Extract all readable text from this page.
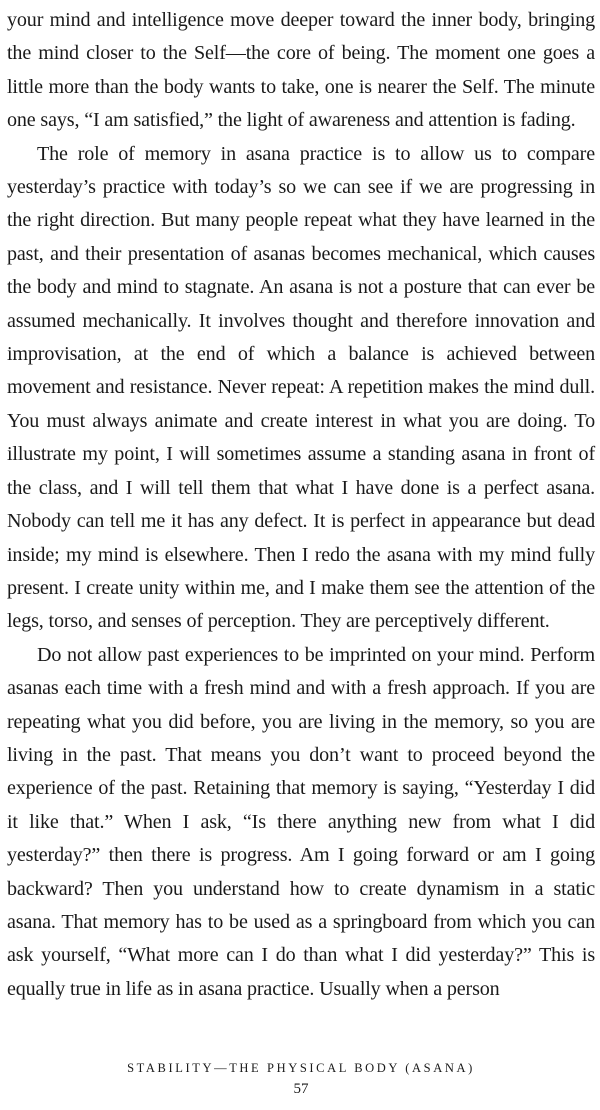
your mind and intelligence move deeper toward the inner body, bringing the mind closer to the Self—the core of being. The moment one goes a little more than the body wants to take, one is nearer the Self. The minute one says, “I am satisfied,” the light of awareness and attention is fading.

The role of memory in asana practice is to allow us to compare yesterday’s practice with today’s so we can see if we are progressing in the right direction. But many people repeat what they have learned in the past, and their presentation of asanas becomes mechanical, which causes the body and mind to stagnate. An asana is not a posture that can ever be assumed mechanically. It involves thought and therefore innovation and improvisation, at the end of which a balance is achieved between movement and resistance. Never repeat: A repetition makes the mind dull. You must always animate and create interest in what you are doing. To illustrate my point, I will sometimes assume a standing asana in front of the class, and I will tell them that what I have done is a perfect asana. Nobody can tell me it has any defect. It is perfect in appearance but dead inside; my mind is elsewhere. Then I redo the asana with my mind fully present. I create unity within me, and I make them see the attention of the legs, torso, and senses of perception. They are perceptively different.

Do not allow past experiences to be imprinted on your mind. Perform asanas each time with a fresh mind and with a fresh approach. If you are repeating what you did before, you are living in the memory, so you are living in the past. That means you don’t want to proceed beyond the experience of the past. Retaining that memory is saying, “Yesterday I did it like that.” When I ask, “Is there anything new from what I did yesterday?” then there is progress. Am I going forward or am I going backward? Then you understand how to create dynamism in a static asana. That memory has to be used as a springboard from which you can ask yourself, “What more can I do than what I did yesterday?” This is equally true in life as in asana practice. Usually when a person

STABILITY—THE PHYSICAL BODY (ASANA)
57
